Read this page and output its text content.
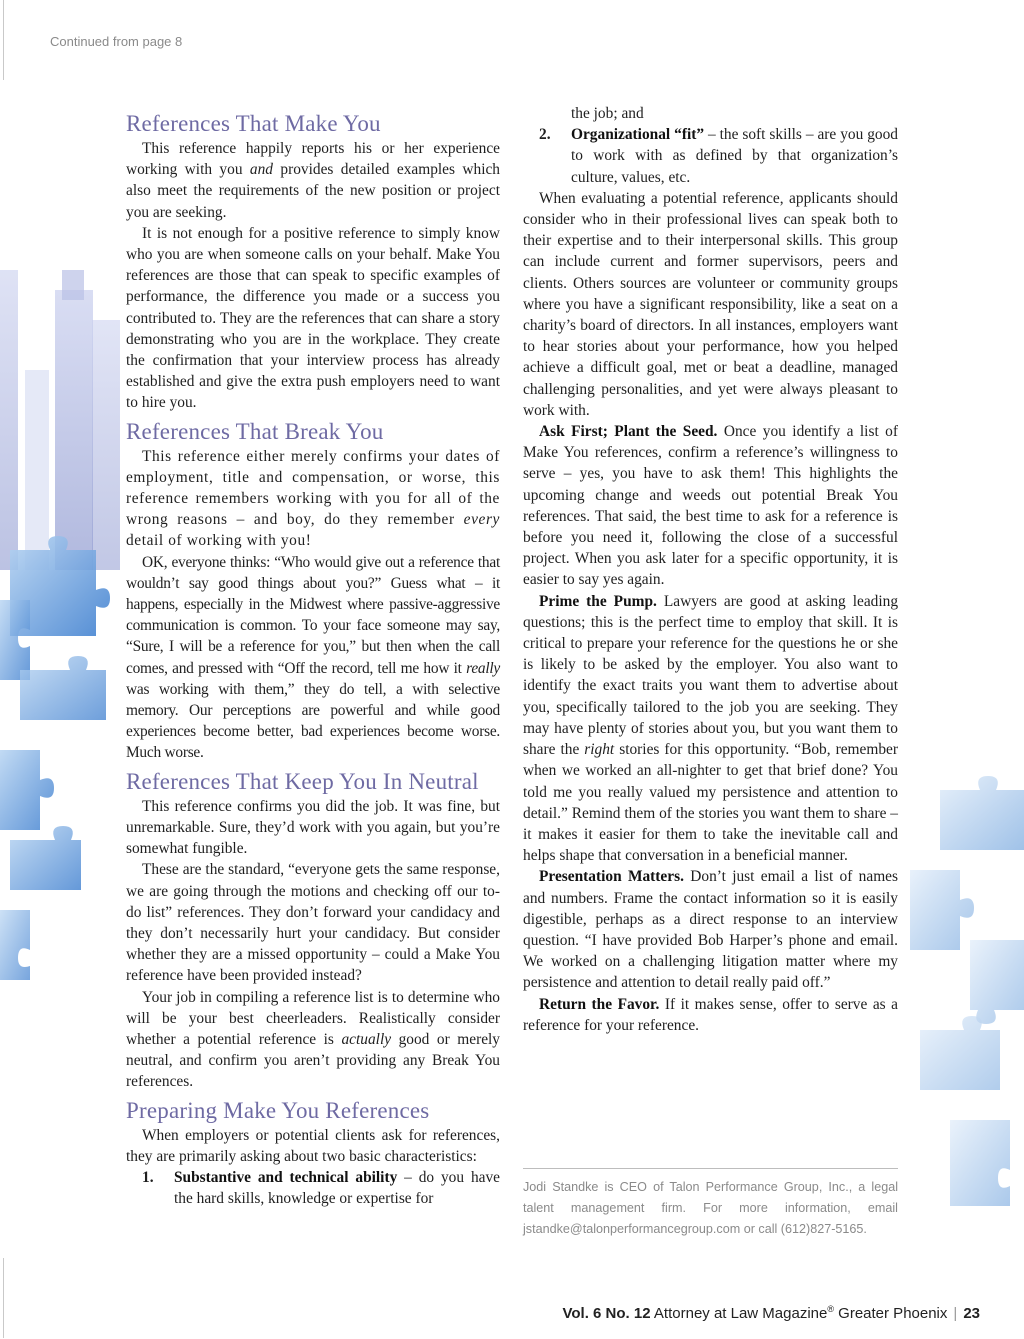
Continued from page 8
References That Make You

This reference happily reports his or her experience working with you and provides detailed examples which also meet the requirements of the new position or project you are seeking.

It is not enough for a positive reference to simply know who you are when someone calls on your behalf. Make You references are those that can speak to specific examples of performance, the difference you made or a success you contributed to. They are the references that can share a story demonstrating who you are in the workplace. They create the confirmation that your interview process has already established and give the extra push employers need to want to hire you.

References That Break You

This reference either merely confirms your dates of employment, title and compensation, or worse, this reference remembers working with you for all of the wrong reasons – and boy, do they remember every detail of working with you!

OK, everyone thinks: “Who would give out a reference that wouldn’t say good things about you?” Guess what – it happens, especially in the Midwest where passive-aggressive communication is common. To your face someone may say, “Sure, I will be a reference for you,” but then when the call comes, and pressed with “Off the record, tell me how it really was working with them,” they do tell, a with selective memory. Our perceptions are powerful and while good experiences become better, bad experiences become worse. Much worse.

References That Keep You In Neutral

This reference confirms you did the job. It was fine, but unremarkable. Sure, they’d work with you again, but you’re somewhat fungible.

These are the standard, “everyone gets the same response, we are going through the motions and checking off our to-do list” references. They don’t forward your candidacy and they don’t necessarily hurt your candidacy. But consider whether they are a missed opportunity – could a Make You reference have been provided instead?

Your job in compiling a reference list is to determine who will be your best cheerleaders. Realistically consider whether a potential reference is actually good or merely neutral, and confirm you aren’t providing any Break You references.

Preparing Make You References

When employers or potential clients ask for references, they are primarily asking about two basic characteristics:

1. Substantive and technical ability – do you have the hard skills, knowledge or expertise for
the job; and
2. Organizational “fit” – the soft skills – are you good to work with as defined by that organization’s culture, values, etc.

When evaluating a potential reference, applicants should consider who in their professional lives can speak both to their expertise and to their interpersonal skills. This group can include current and former supervisors, peers and clients. Others sources are volunteer or community groups where you have a significant responsibility, like a seat on a charity’s board of directors. In all instances, employers want to hear stories about your performance, how you helped achieve a difficult goal, met or beat a deadline, managed challenging personalities, and yet were always pleasant to work with.

Ask First; Plant the Seed. Once you identify a list of Make You references, confirm a reference’s willingness to serve – yes, you have to ask them! This highlights the upcoming change and weeds out potential Break You references. That said, the best time to ask for a reference is before you need it, following the close of a successful project. When you ask later for a specific opportunity, it is easier to say yes again.

Prime the Pump. Lawyers are good at asking leading questions; this is the perfect time to employ that skill. It is critical to prepare your reference for the questions he or she is likely to be asked by the employer. You also want to identify the exact traits you want them to advertise about you, specifically tailored to the job you are seeking. They may have plenty of stories about you, but you want them to share the right stories for this opportunity. “Bob, remember when we worked an all-nighter to get that brief done? You told me you really valued my persistence and attention to detail.” Remind them of the stories you want them to share – it makes it easier for them to take the inevitable call and helps shape that conversation in a beneficial manner.

Presentation Matters. Don’t just email a list of names and numbers. Frame the contact information so it is easily digestible, perhaps as a direct response to an interview question. “I have provided Bob Harper’s phone and email. We worked on a challenging litigation matter where my persistence and attention to detail really paid off.”

Return the Favor. If it makes sense, offer to serve as a reference for your reference.

Jodi Standke is CEO of Talon Performance Group, Inc., a legal talent management firm. For more information, email jstandke@talonperformancegroup.com or call (612)827-5165.
Vol. 6 No. 12 Attorney at Law Magazine® Greater Phoenix | 23
